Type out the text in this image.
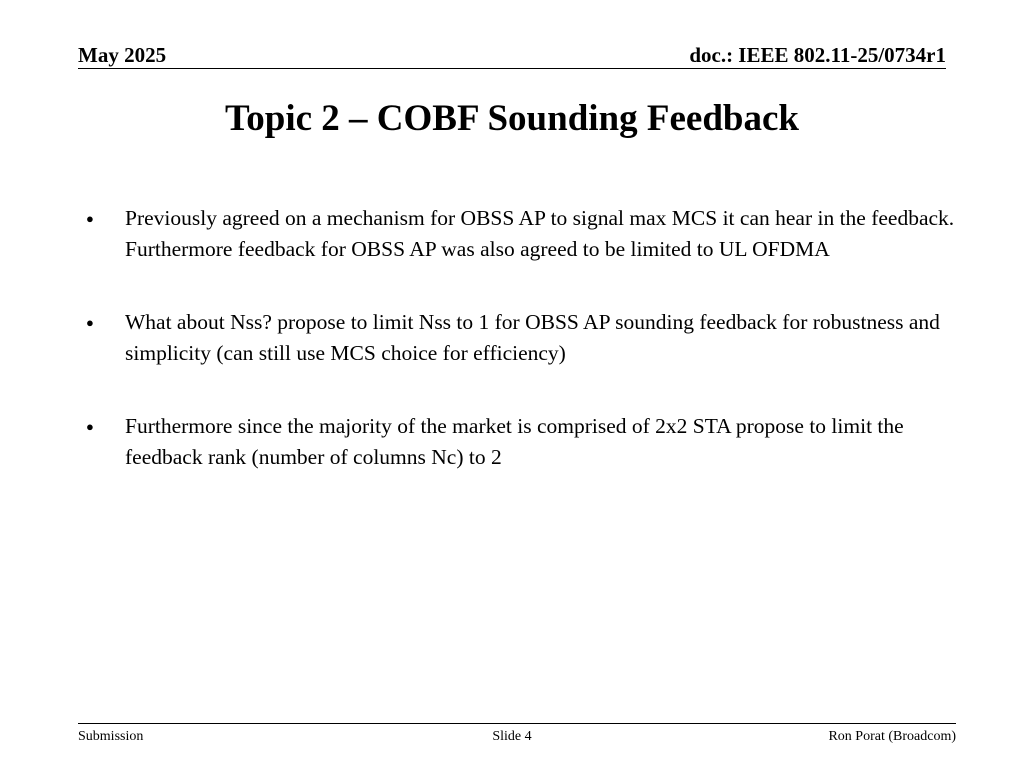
May 2025	doc.: IEEE 802.11-25/0734r1
Topic 2 – COBF Sounding Feedback
● Previously agreed on a mechanism for OBSS AP to signal max MCS it can hear in the feedback. Furthermore feedback for OBSS AP was also agreed to be limited to UL OFDMA
● What about Nss? propose to limit Nss to 1 for OBSS AP sounding feedback for robustness and simplicity (can still use MCS choice for efficiency)
● Furthermore since the majority of the market is comprised of 2x2 STA propose to limit the feedback rank (number of columns Nc) to 2
Submission	Slide 4	Ron Porat (Broadcom)
